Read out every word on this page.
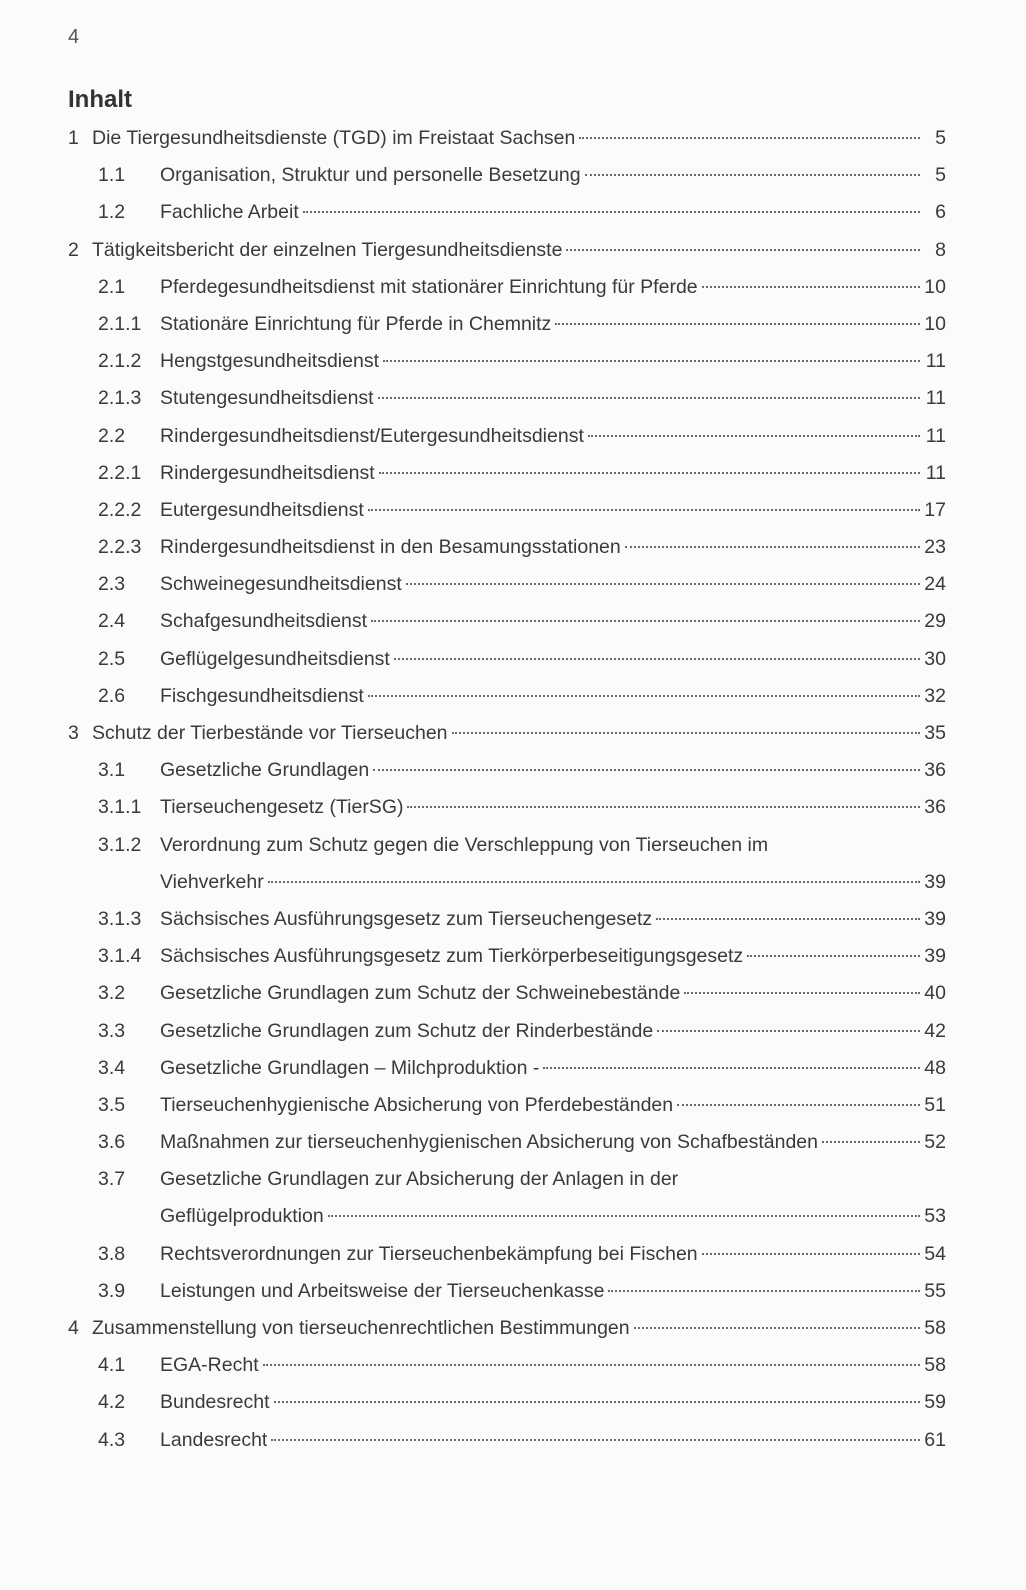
4
Inhalt
1 Die Tiergesundheitsdienste (TGD) im Freistaat Sachsen	5
1.1	Organisation, Struktur und personelle Besetzung	5
1.2	Fachliche Arbeit	6
2 Tätigkeitsbericht der einzelnen Tiergesundheitsdienste	8
2.1	Pferdegesundheitsdienst mit stationärer Einrichtung für Pferde	10
2.1.1 Stationäre Einrichtung für Pferde in Chemnitz	10
2.1.2 Hengstgesundheitsdienst	11
2.1.3 Stutengesundheitsdienst	11
2.2	Rindergesundheitsdienst/Eutergesundheitsdienst	11
2.2.1 Rindergesundheitsdienst	11
2.2.2 Eutergesundheitsdienst	17
2.2.3 Rindergesundheitsdienst in den Besamungsstationen	23
2.3	Schweinegesundheitsdienst	24
2.4	Schafgesundheitsdienst	29
2.5	Geflügelgesundheitsdienst	30
2.6	Fischgesundheitsdienst	32
3 Schutz der Tierbestände vor Tierseuchen	35
3.1	Gesetzliche Grundlagen	36
3.1.1 Tierseuchengesetz (TierSG)	36
3.1.2 Verordnung zum Schutz gegen die Verschleppung von Tierseuchen im
Viehverkehr	39
3.1.3 Sächsisches Ausführungsgesetz zum Tierseuchengesetz	39
3.1.4 Sächsisches Ausführungsgesetz zum Tierkörperbeseitigungsgesetz	39
3.2	Gesetzliche Grundlagen zum Schutz der Schweinebestände	40
3.3	Gesetzliche Grundlagen zum Schutz der Rinderbestände	42
3.4	Gesetzliche Grundlagen – Milchproduktion -	48
3.5	Tierseuchenhygienische Absicherung von Pferdebeständen	51
3.6	Maßnahmen zur tierseuchenhygienischen Absicherung von Schafbeständen	52
3.7	Gesetzliche Grundlagen zur Absicherung der Anlagen in der
Geflügelproduktion	53
3.8	Rechtsverordnungen zur Tierseuchenbekämpfung bei Fischen	54
3.9	Leistungen und Arbeitsweise der Tierseuchenkasse	55
4 Zusammenstellung von tierseuchenrechtlichen Bestimmungen	58
4.1	EGA-Recht	58
4.2	Bundesrecht	59
4.3	Landesrecht	61
